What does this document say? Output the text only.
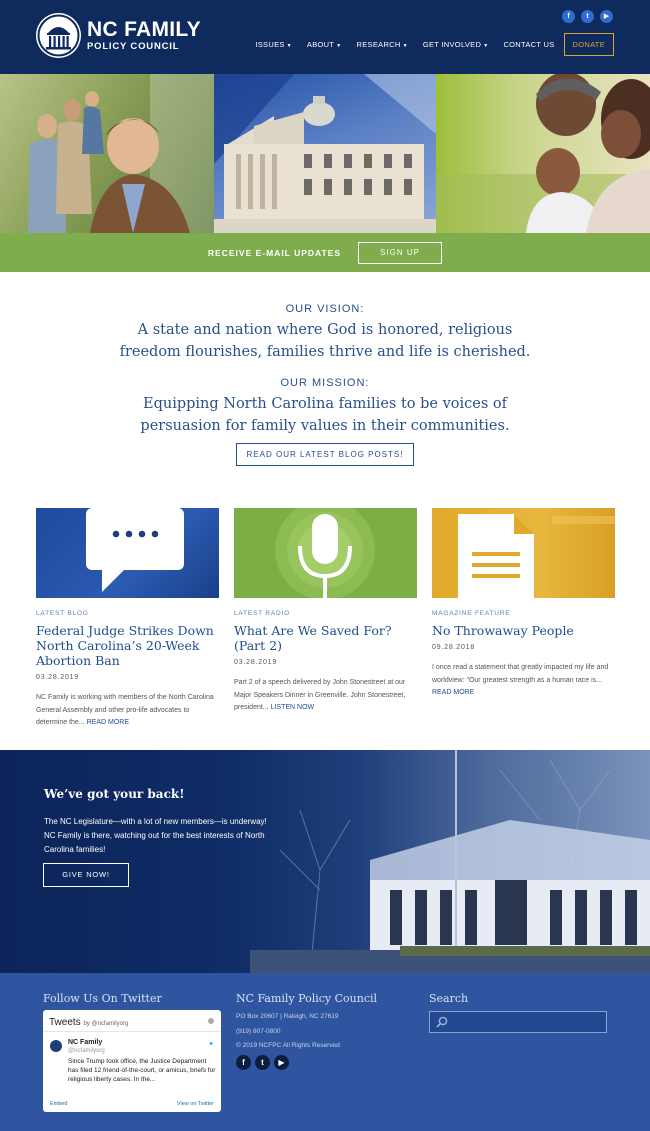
NC FAMILY
POLICY COUNCIL
f	t	▶
ISSUES ▼ ABOUT ▼ RESEARCH ▼ GET INVOLVED ▼ CONTACT US	DONATE
RECEIVE E-MAIL UPDATES	SIGN UP
OUR VISION:
A state and nation where God is honored, religious
freedom flourishes, families thrive and life is cherished.
OUR MISSION:
Equipping North Carolina families to be voices of
persuasion for family values in their communities.
READ OUR LATEST BLOG POSTS!
LATEST BLOG
Federal Judge Strikes Down North Carolina’s 20-Week Abortion Ban
03.28.2019
NC Family is working with members of the North Carolina General Assembly and other pro-life advocates to determine the... READ MORE
LATEST RADIO
What Are We Saved For? (Part 2)
03.28.2019
Part 2 of a speech delivered by John Stonestreet at our Major Speakers Dinner in Greenville. John Stonestreet, president... LISTEN NOW
MAGAZINE FEATURE
No Throwaway People
09.28.2018
I once read a statement that greatly impacted my life and worldview: “Our greatest strength as a human race is... READ MORE
We’ve got your back!
The NC Legislature—with a lot of new members—is underway! NC Family is there, watching out for the best interests of North Carolina families!
GIVE NOW!
Follow Us On Twitter
Tweets by @ncfamilyorg
NC Family
@ncfamilyorg
✦
Since Trump took office, the Justice Department has filed 12 friend-of-the-court, or amicus, briefs for religious liberty cases. In the...
Embed	View on Twitter
NC Family Policy Council
PO Box 20607 | Raleigh, NC 27619
(919) 807-0800
© 2019 NCFPC All Rights Reserved
f	t	▶
Search
